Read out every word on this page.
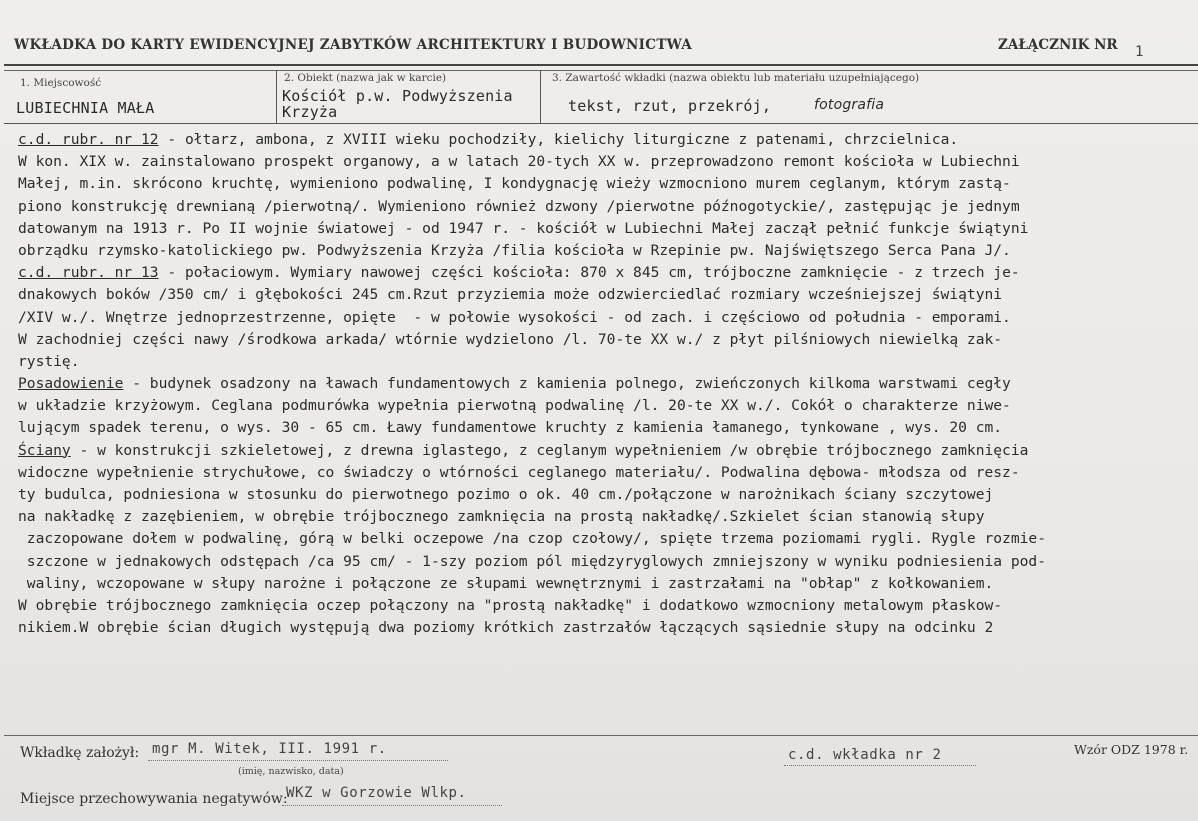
WKŁADKA DO KARTY EWIDENCYJNEJ ZABYTKÓW ARCHITEKTURY I BUDOWNICTWA	ZAŁĄCZNIK NR 1
1. Miejscowość
LUBIECHNIA MAŁA
2. Obiekt (nazwa jak w karcie)
Kościół p.w. Podwyższenia
Krzyża
3. Zawartość wkładki (nazwa obiektu lub materiału uzupełniającego)
tekst, rzut, przekrój,	fotografia
c.d. rubr. nr 12 - ołtarz, ambona, z XVIII wieku pochodziły, kielichy liturgiczne z patenami, chrzcielnica.
W kon. XIX w. zainstalowano prospekt organowy, a w latach 20-tych XX w. przeprowadzono remont kościoła w Lubiechni
Małej, m.in. skrócono kruchtę, wymieniono podwalinę, I kondygnację wieży wzmocniono murem ceglanym, którym zastą-
piono konstrukcję drewnianą /pierwotną/. Wymieniono również dzwony /pierwotne późnogotyckie/, zastępując je jednym
datowanym na 1913 r. Po II wojnie światowej - od 1947 r. - kościół w Lubiechni Małej zaczął pełnić funkcje świątyni
obrządku rzymsko-katolickiego pw. Podwyższenia Krzyża /filia kościoła w Rzepinie pw. Najświętszego Serca Pana J/.
c.d. rubr. nr 13 - połaciowym. Wymiary nawowej części kościoła: 870 x 845 cm, trójboczne zamknięcie - z trzech je-
dnakowych boków /350 cm/ i głębokości 245 cm.Rzut przyziemia może odzwierciedlać rozmiary wcześniejszej świątyni
/XIV w./. Wnętrze jednoprzestrzenne, opięte  - w połowie wysokości - od zach. i częściowo od południa - emporami.
W zachodniej części nawy /środkowa arkada/ wtórnie wydzielono /l. 70-te XX w./ z płyt pilśniowych niewielką zak-
rystię.
Posadowienie - budynek osadzony na ławach fundamentowych z kamienia polnego, zwieńczonych kilkoma warstwami cegły
w układzie krzyżowym. Ceglana podmurówka wypełnia pierwotną podwalinę /l. 20-te XX w./. Cokół o charakterze niwe-
lującym spadek terenu, o wys. 30 - 65 cm. Ławy fundamentowe kruchty z kamienia łamanego, tynkowane , wys. 20 cm.
Ściany - w konstrukcji szkieletowej, z drewna iglastego, z ceglanym wypełnieniem /w obrębie trójbocznego zamknięcia
widoczne wypełnienie strychułowe, co świadczy o wtórności ceglanego materiału/. Podwalina dębowa- młodsza od resz-
ty budulca, podniesiona w stosunku do pierwotnego pozimo o ok. 40 cm./połączone w narożnikach ściany szczytowej
na nakładkę z zazębieniem, w obrębie trójbocznego zamknięcia na prostą nakładkę/.Szkielet ścian stanowią słupy
zaczopowane dołem w podwalinę, górą w belki oczepowe /na czop czołowy/, spięte trzema poziomami rygli. Rygle rozmie-
szczone w jednakowych odstępach /ca 95 cm/ - 1-szy poziom pól międzyryglowych zmniejszony w wyniku podniesienia pod-
waliny, wczopowane w słupy narożne i połączone ze słupami wewnętrznymi i zastrzałami na "obłap" z kołkowaniem.
W obrębie trójbocznego zamknięcia oczep połączony na "prostą nakładkę" i dodatkowo wzmocniony metalowym płaskow-
nikiem.W obrębie ścian długich występują dwa poziomy krótkich zastrzałów łączących sąsiednie słupy na odcinku 2
Wkładkę założył: mgr M. Witek, III. 1991 r.
(imię, nazwisko, data)
c.d. wkładka nr 2	Wzór ODZ 1978 r.
Miejsce przechowywania negatywów:
WKZ w Gorzowie Wlkp.
